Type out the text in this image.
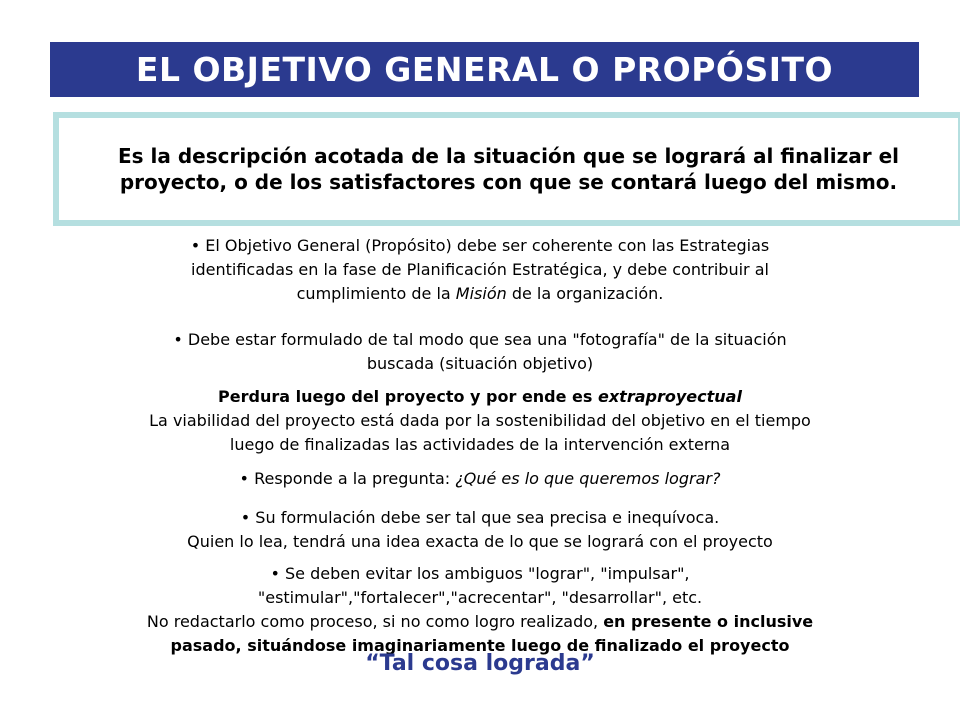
EL OBJETIVO GENERAL O PROPÓSITO
Es la descripción acotada de la situación que se logrará al finalizar el proyecto, o de los satisfactores con que se contará luego del mismo.
• El Objetivo General (Propósito) debe ser coherente con las Estrategias
identificadas en la fase de Planificación Estratégica, y debe contribuir al
cumplimiento de la Misión de la organización.
• Debe estar formulado de tal modo que sea una "fotografía" de la situación
buscada (situación objetivo)
Perdura luego del proyecto y por ende es extraproyectual
La viabilidad del proyecto está dada por la sostenibilidad del objetivo en el tiempo
luego de finalizadas las actividades de la intervención externa
• Responde a la pregunta: ¿Qué es lo que queremos lograr?
• Su formulación debe ser tal que sea precisa e inequívoca.
Quien lo lea, tendrá una idea exacta de lo que se logrará con el proyecto
• Se deben evitar los ambiguos "lograr", "impulsar",
"estimular","fortalecer","acrecentar", "desarrollar", etc.
No redactarlo como proceso, si no como logro realizado, en presente o inclusive
pasado, situándose imaginariamente luego de finalizado el proyecto
“Tal cosa lograda”
